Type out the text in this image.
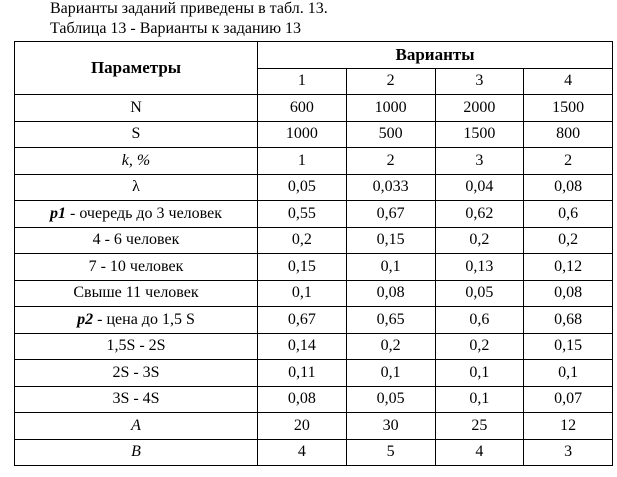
Варианты заданий приведены в табл. 13.
Таблица 13 - Варианты к заданию 13
Параметры	Варианты			
	1	2	3	4
N	600	1000	2000	1500
S	1000	500	1500	800
k, %	1	2	3	2
λ	0,05	0,033	0,04	0,08
p1 - очередь до 3 человек	0,55	0,67	0,62	0,6
4 - 6 человек	0,2	0,15	0,2	0,2
7 - 10 человек	0,15	0,1	0,13	0,12
Свыше 11 человек	0,1	0,08	0,05	0,08
p2 - цена до 1,5 S	0,67	0,65	0,6	0,68
1,5S - 2S	0,14	0,2	0,2	0,15
2S - 3S	0,11	0,1	0,1	0,1
3S - 4S	0,08	0,05	0,1	0,07
A	20	30	25	12
B	4	5	4	3
